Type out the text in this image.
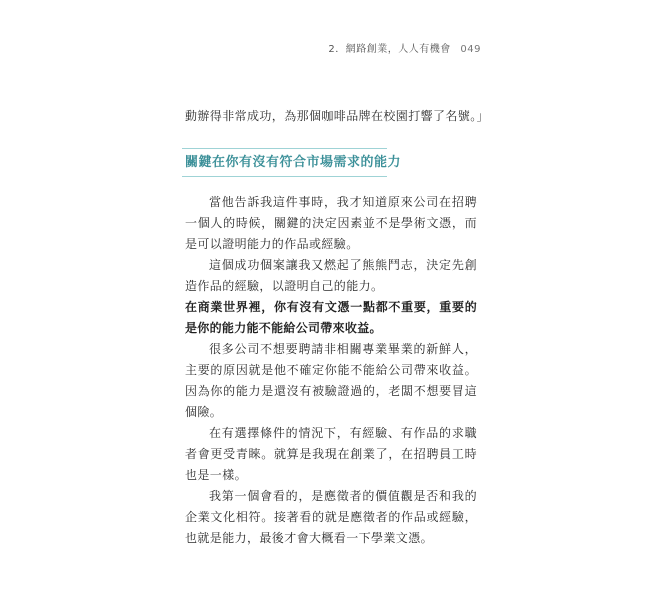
2．網路創業，人人有機會 049
動辦得非常成功，為那個咖啡品牌在校園打響了名號。」
關鍵在你有沒有符合市場需求的能力

當他告訴我這件事時，我才知道原來公司在招聘一個人的時候，關鍵的決定因素並不是學術文憑，而是可以證明能力的作品或經驗。

這個成功個案讓我又燃起了熊熊鬥志，決定先創造作品的經驗，以證明自己的能力。

在商業世界裡，你有沒有文憑一點都不重要，重要的是你的能力能不能給公司帶來收益。

很多公司不想要聘請非相關專業畢業的新鮮人，主要的原因就是他不確定你能不能給公司帶來收益。因為你的能力是還沒有被驗證過的，老闆不想要冒這個險。

在有選擇條件的情況下，有經驗、有作品的求職者會更受青睞。就算是我現在創業了，在招聘員工時也是一樣。

我第一個會看的，是應徵者的價值觀是否和我的企業文化相符。接著看的就是應徵者的作品或經驗，也就是能力，最後才會大概看一下學業文憑。
